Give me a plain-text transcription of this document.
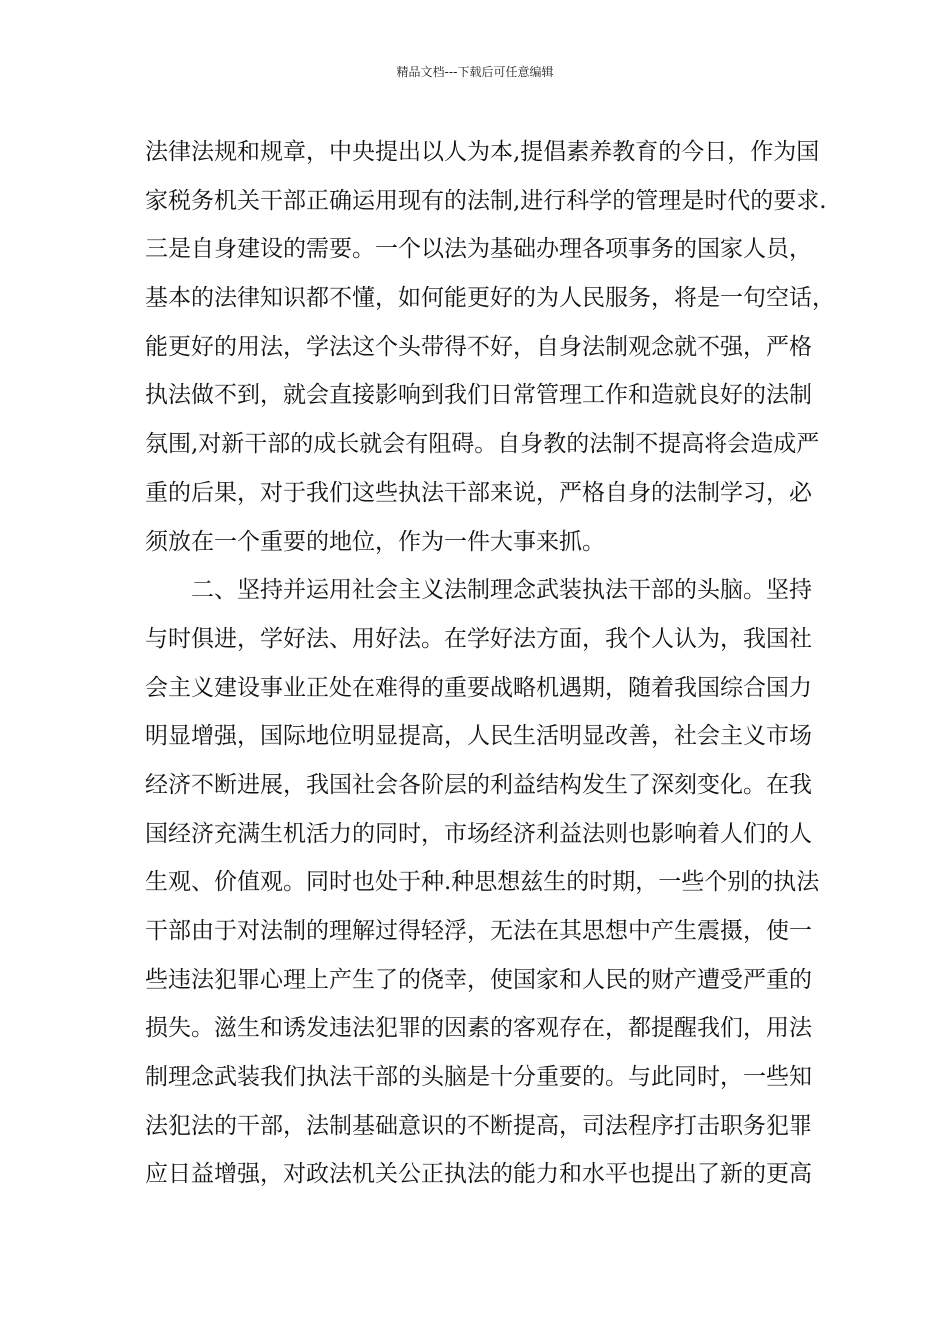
精品文档---下载后可任意编辑
法律法规和规章，中央提出以人为本,提倡素养教育的今日，作为国
家税务机关干部正确运用现有的法制,进行科学的管理是时代的要求.
三是自身建设的需要。一个以法为基础办理各项事务的国家人员，
基本的法律知识都不懂，如何能更好的为人民服务，将是一句空话，
能更好的用法，学法这个头带得不好，自身法制观念就不强，严格
执法做不到，就会直接影响到我们日常管理工作和造就良好的法制
氛围,对新干部的成长就会有阻碍。自身教的法制不提高将会造成严
重的后果，对于我们这些执法干部来说，严格自身的法制学习，必
须放在一个重要的地位，作为一件大事来抓。
二、坚持并运用社会主义法制理念武装执法干部的头脑。坚持
与时俱进，学好法、用好法。在学好法方面，我个人认为，我国社
会主义建设事业正处在难得的重要战略机遇期，随着我国综合国力
明显增强，国际地位明显提高，人民生活明显改善，社会主义市场
经济不断进展，我国社会各阶层的利益结构发生了深刻变化。在我
国经济充满生机活力的同时，市场经济利益法则也影响着人们的人
生观、价值观。同时也处于种.种思想兹生的时期，一些个别的执法
干部由于对法制的理解过得轻浮，无法在其思想中产生震摄，使一
些违法犯罪心理上产生了的侥幸，使国家和人民的财产遭受严重的
损失。滋生和诱发违法犯罪的因素的客观存在，都提醒我们，用法
制理念武装我们执法干部的头脑是十分重要的。与此同时，一些知
法犯法的干部，法制基础意识的不断提高，司法程序打击职务犯罪
应日益增强，对政法机关公正执法的能力和水平也提出了新的更高
